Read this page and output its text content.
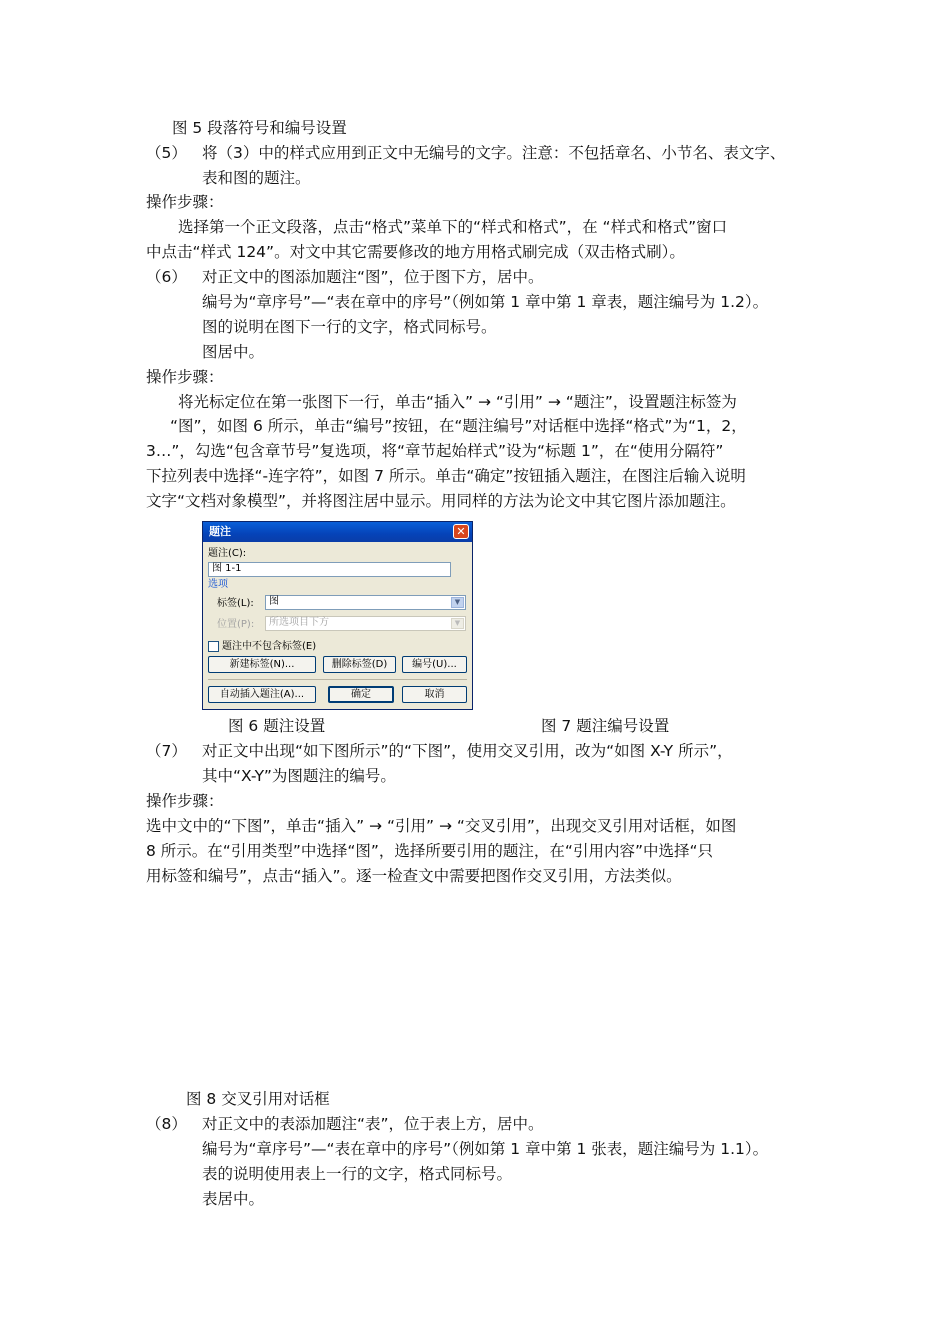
图 5 段落符号和编号设置
（5） 将（3）中的样式应用到正文中无编号的文字。注意：不包括章名、小节名、表文字、
表和图的题注。
操作步骤：
选择第一个正文段落，点击“格式”菜单下的“样式和格式”，在 “样式和格式”窗口
中点击“样式 124”。对文中其它需要修改的地方用格式刷完成（双击格式刷）。
（6） 对正文中的图添加题注“图”，位于图下方，居中。
编号为“章序号”—“表在章中的序号”（例如第 1 章中第 1 章表，题注编号为 1.2）。
图的说明在图下一行的文字，格式同标号。
图居中。
操作步骤：
将光标定位在第一张图下一行，单击“插入” → “引用” → “题注”，设置题注标签为
“图”，如图 6 所示，单击“编号”按钮，在“题注编号”对话框中选择“格式”为“1，2，
3…”，勾选“包含章节号”复选项，将“章节起始样式”设为“标题 1”，在“使用分隔符”
下拉列表中选择“-连字符”，如图 7 所示。单击“确定”按钮插入题注，在图注后输入说明
文字“文档对象模型”，并将图注居中显示。用同样的方法为论文中其它图片添加题注。
题注	✕
题注(C):
图 1-1
选项
标签(L):	图	▼
位置(P):	所选项目下方	▼
题注中不包含标签(E)
新建标签(N)...	删除标签(D)	编号(U)...
自动插入题注(A)...	确定	取消
图 6 题注设置	图 7 题注编号设置
（7） 对正文中出现“如下图所示”的“下图”，使用交叉引用，改为“如图 X-Y 所示”，
其中“X-Y”为图题注的编号。
操作步骤：
选中文中的“下图”，单击“插入” → “引用” → “交叉引用”，出现交叉引用对话框，如图
8 所示。在“引用类型”中选择“图”，选择所要引用的题注，在“引用内容”中选择“只
用标签和编号”，点击“插入”。逐一检查文中需要把图作交叉引用，方法类似。
图 8 交叉引用对话框
（8） 对正文中的表添加题注“表”，位于表上方，居中。
编号为“章序号”—“表在章中的序号”（例如第 1 章中第 1 张表，题注编号为 1.1）。
表的说明使用表上一行的文字，格式同标号。
表居中。
